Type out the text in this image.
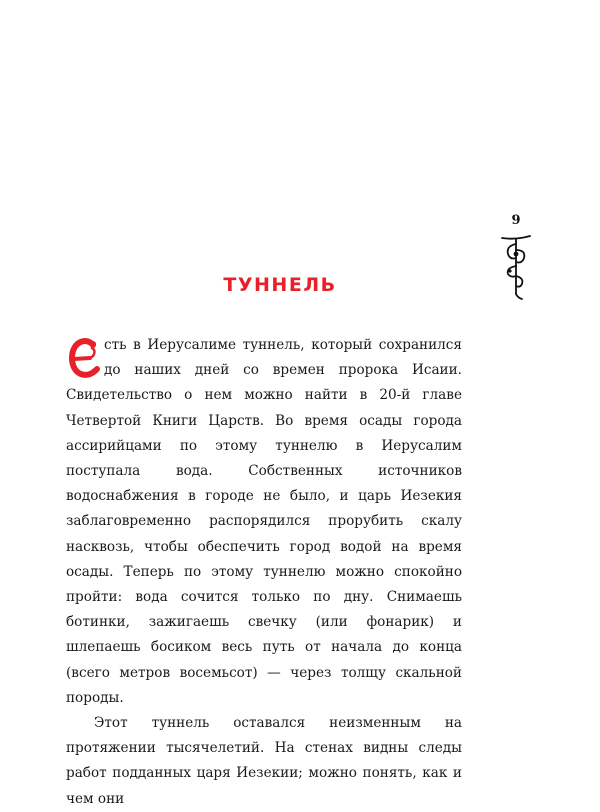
9
ТУННЕЛЬ

сть в Иерусалиме туннель, который сохранился до наших дней со времен пророка Исаии. Свидетельство о нем можно найти в 20-й главе Четвертой Книги Царств. Во время осады города ассирийцами по этому туннелю в Иерусалим поступала вода. Собственных источников водоснабжения в городе не было, и царь Иезекия заблаговременно распорядился прорубить скалу насквозь, чтобы обеспечить город водой на время осады. Теперь по этому туннелю можно спокойно пройти: вода сочится только по дну. Снимаешь ботинки, зажигаешь свечку (или фонарик) и шлепаешь босиком весь путь от начала до конца (всего метров восемьсот) — через толщу скальной породы.

Этот туннель оставался неизменным на протяжении тысячелетий. На стенах видны следы работ подданных царя Иезекии; можно понять, как и чем они
